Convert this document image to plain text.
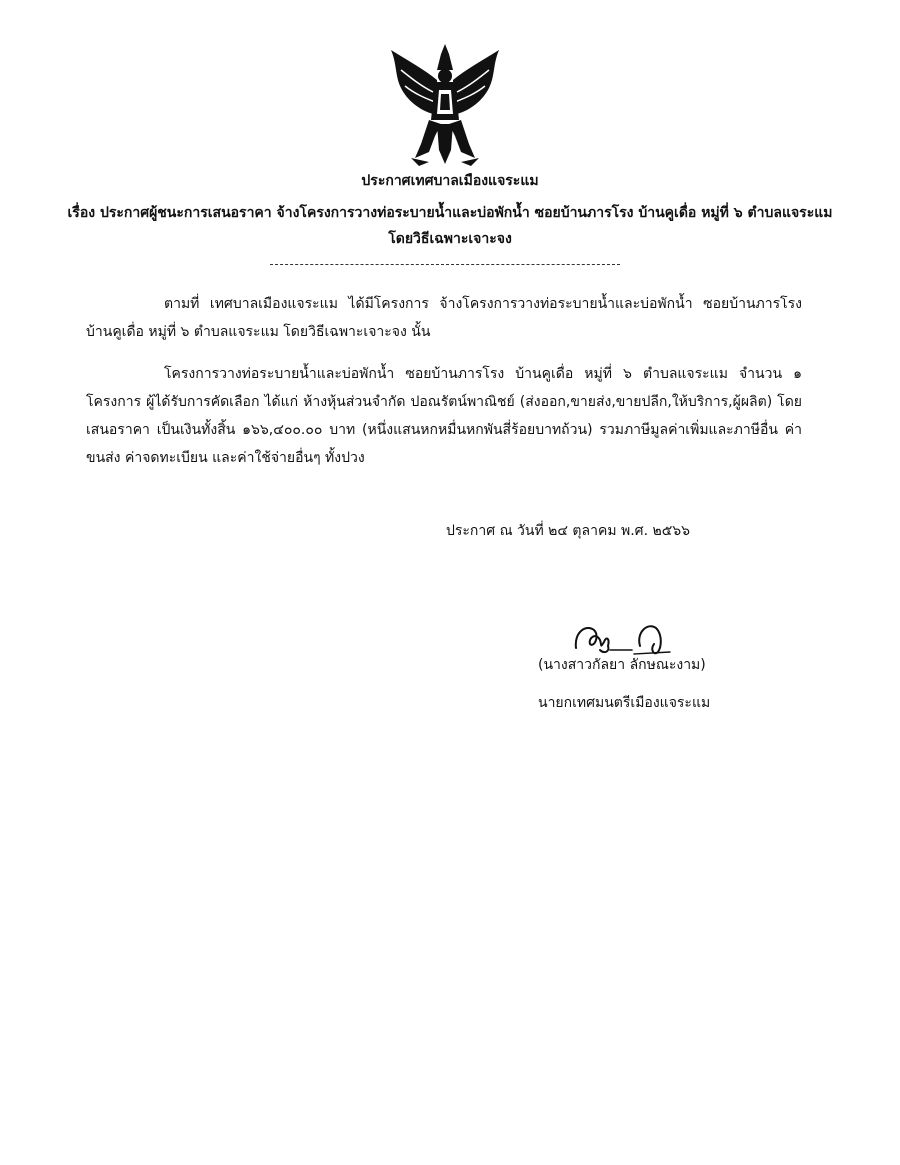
ประกาศเทศบาลเมืองแจระแม
เรื่อง ประกาศผู้ชนะการเสนอราคา จ้างโครงการวางท่อระบายน้ำและบ่อพักน้ำ ซอยบ้านภารโรง บ้านคูเดื่อ หมู่ที่ ๖ ตำบลแจระแม โดยวิธีเฉพาะเจาะจง
ตามที่ เทศบาลเมืองแจระแม ได้มีโครงการ จ้างโครงการวางท่อระบายน้ำและบ่อพักน้ำ ซอยบ้านภารโรง บ้านคูเดื่อ หมู่ที่ ๖ ตำบลแจระแม โดยวิธีเฉพาะเจาะจง นั้น
โครงการวางท่อระบายน้ำและบ่อพักน้ำ ซอยบ้านภารโรง บ้านคูเดื่อ หมู่ที่ ๖ ตำบลแจระแม จำนวน ๑ โครงการ ผู้ได้รับการคัดเลือก ได้แก่ ห้างหุ้นส่วนจำกัด ปอณรัตน์พาณิชย์ (ส่งออก,ขายส่ง,ขายปลีก,ให้บริการ,ผู้ผลิต) โดยเสนอราคา เป็นเงินทั้งสิ้น ๑๖๖,๔๐๐.๐๐ บาท (หนึ่งแสนหกหมื่นหกพันสี่ร้อยบาทถ้วน) รวมภาษีมูลค่าเพิ่มและภาษีอื่น ค่าขนส่ง ค่าจดทะเบียน และค่าใช้จ่ายอื่นๆ ทั้งปวง
ประกาศ ณ วันที่ ๒๔ ตุลาคม พ.ศ. ๒๕๖๖
(นางสาวกัลยา ลักษณะงาม)
นายกเทศมนตรีเมืองแจระแม
